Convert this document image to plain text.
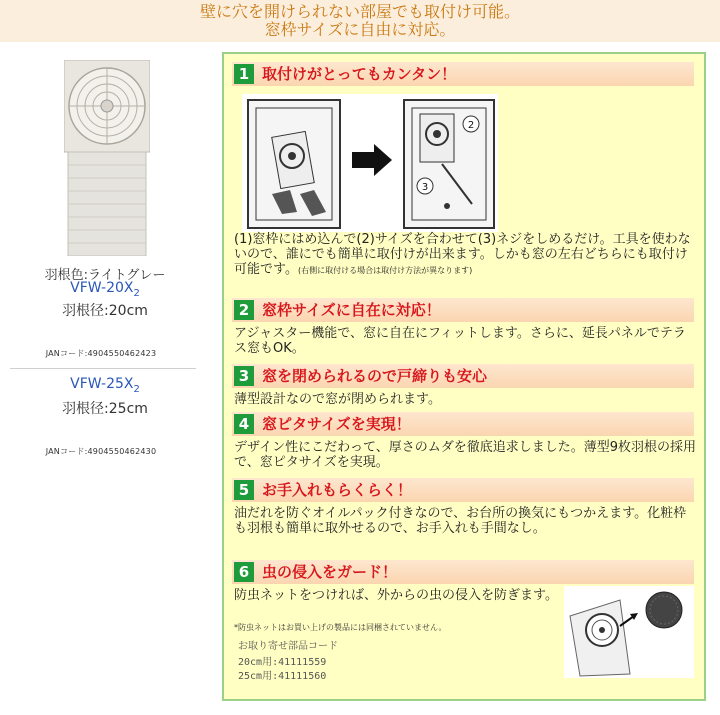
壁に穴を開けられない部屋でも取付け可能。
窓枠サイズに自由に対応。
羽根色:ライトグレー
VFW-$20X_2$
羽根径:20cm
JANコード:4904550462423
VFW-$25X_2$
羽根径:25cm
JANコード:4904550462430
1 取付けがとってもカンタン！
2
3
(1)窓枠にはめ込んで(2)サイズを合わせて(3)ネジをしめるだけ。工具を使わないので、誰にでも簡単に取付けが出来ます。しかも窓の左右どちらにも取付け可能です。(右側に取付ける場合は取付け方法が異なります)
2 窓枠サイズに自在に対応！
アジャスター機能で、窓に自在にフィットします。さらに、延長パネルでテラス窓もOK。
3 窓を閉められるので戸締りも安心
薄型設計なので窓が閉められます。
4 窓ピタサイズを実現！
デザイン性にこだわって、厚さのムダを徹底追求しました。薄型9枚羽根の採用で、窓ピタサイズを実現。
5 お手入れもらくらく！
油だれを防ぐオイルパック付きなので、お台所の換気にもつかえます。化粧枠も羽根も簡単に取外せるので、お手入れも手間なし。
6 虫の侵入をガード！
防虫ネットをつければ、外からの虫の侵入を防ぎます。
*防虫ネットはお買い上げの製品には同梱されていません。
お取り寄せ部品コード
20cm用:41111559
25cm用:41111560
